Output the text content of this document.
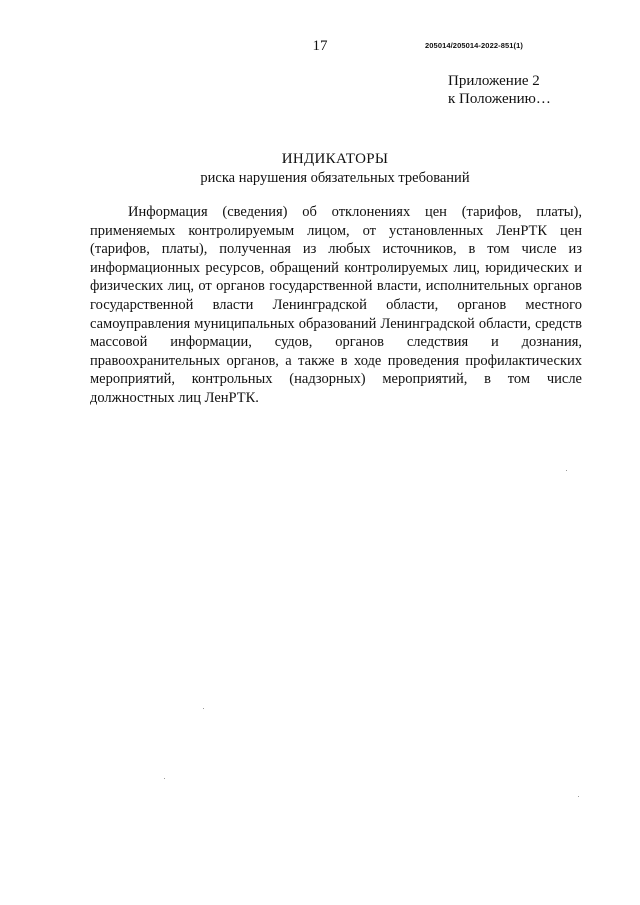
17	205014/205014-2022-851(1)
Приложение 2
к Положению…
ИНДИКАТОРЫ
риска нарушения обязательных требований

Информация (сведения) об отклонениях цен (тарифов, платы), применяемых контролируемым лицом, от установленных ЛенРТК цен (тарифов, платы), полученная из любых источников, в том числе из информационных ресурсов, обращений контролируемых лиц, юридических и физических лиц, от органов государственной власти, исполнительных органов государственной власти Ленинградской области, органов местного самоуправления муниципальных образований Ленинградской области, средств массовой информации, судов, органов следствия и дознания, правоохранительных органов, а также в ходе проведения профилактических мероприятий, контрольных (надзорных) мероприятий, в том числе должностных лиц ЛенРТК.
